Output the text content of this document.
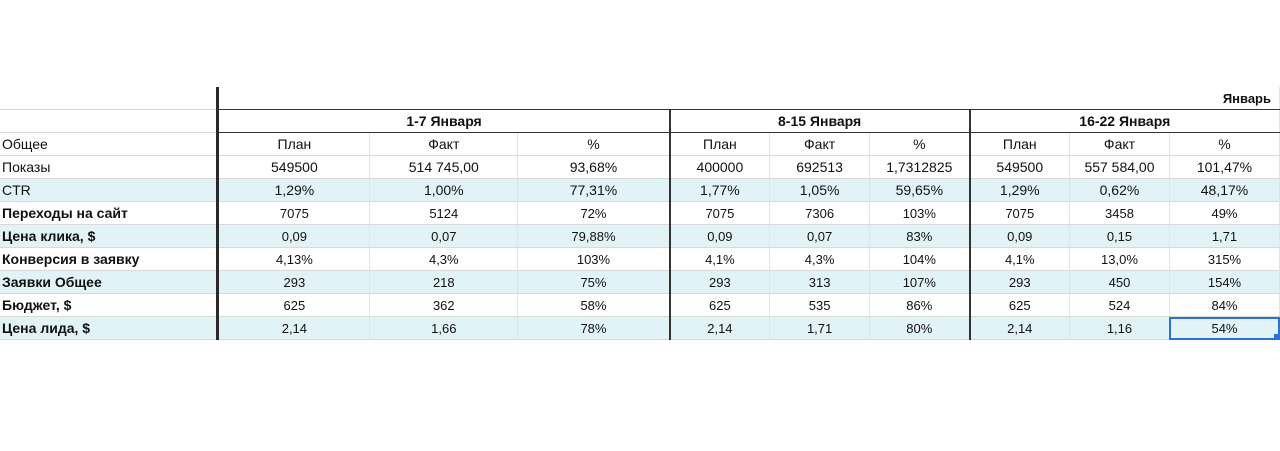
	Январь								
	1-7 Января			8-15 Января			16-22 Января		
Общее	План	Факт	%	План	Факт	%	План	Факт	%
Показы	549500	514 745,00	93,68%	400000	692513	1,7312825	549500	557 584,00	101,47%
CTR	1,29%	1,00%	77,31%	1,77%	1,05%	59,65%	1,29%	0,62%	48,17%
Переходы на сайт	7075	5124	72%	7075	7306	103%	7075	3458	49%
Цена клика, $	0,09	0,07	79,88%	0,09	0,07	83%	0,09	0,15	1,71
Конверсия в заявку	4,13%	4,3%	103%	4,1%	4,3%	104%	4,1%	13,0%	315%
Заявки Общее	293	218	75%	293	313	107%	293	450	154%
Бюджет, $	625	362	58%	625	535	86%	625	524	84%
Цена лида, $	2,14	1,66	78%	2,14	1,71	80%	2,14	1,16	54%
